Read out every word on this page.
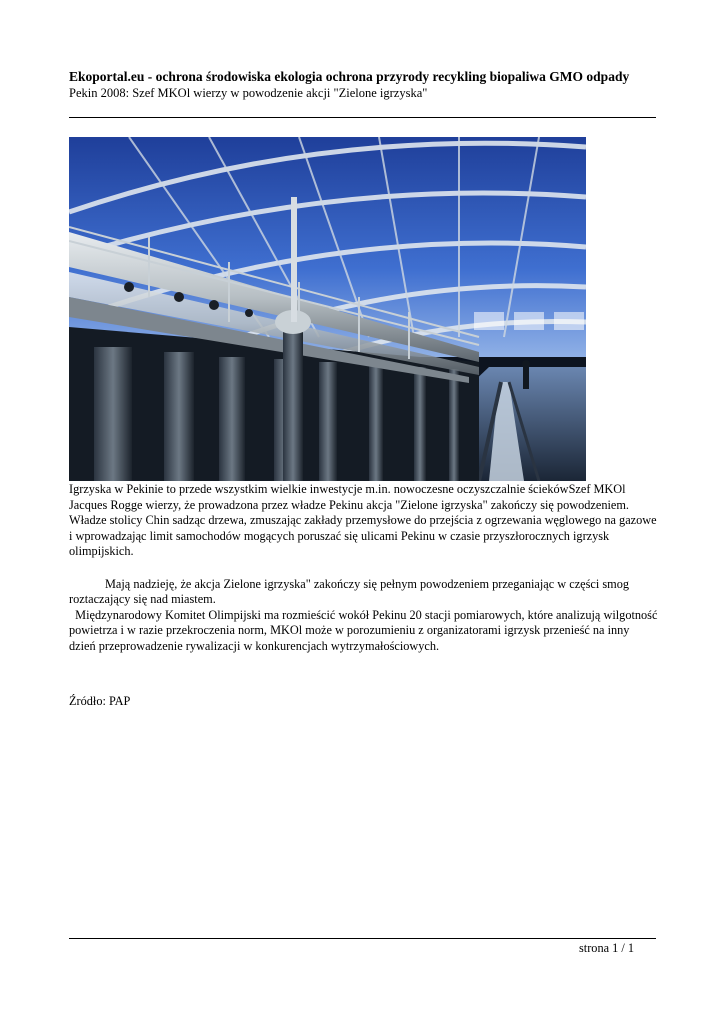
Ekoportal.eu - ochrona środowiska ekologia ochrona przyrody recykling biopaliwa GMO odpady

Pekin 2008: Szef MKOl wierzy w powodzenie akcji "Zielone igrzyska"

Igrzyska w Pekinie to przede wszystkim wielkie inwestycje m.in. nowoczesne oczyszczalnie ściekówSzef MKOl Jacques Rogge wierzy, że prowadzona przez władze Pekinu akcja "Zielone igrzyska" zakończy się powodzeniem. Władze stolicy Chin sadząc drzewa, zmuszając zakłady przemysłowe do przejścia z ogrzewania węglowego na gazowe i wprowadzając limit samochodów mogących poruszać się ulicami Pekinu w czasie przyszłorocznych igrzysk olimpijskich.

Mają nadzieję, że akcja Zielone igrzyska" zakończy się pełnym powodzeniem przeganiając w części smog roztaczający się nad miastem.

Międzynarodowy Komitet Olimpijski ma rozmieścić wokół Pekinu 20 stacji pomiarowych, które analizują wilgotność powietrza i w razie przekroczenia norm, MKOl może w porozumieniu z organizatorami igrzysk przenieść na inny dzień przeprowadzenie rywalizacji w konkurencjach wytrzymałościowych.

Źródło: PAP
strona 1 / 1
